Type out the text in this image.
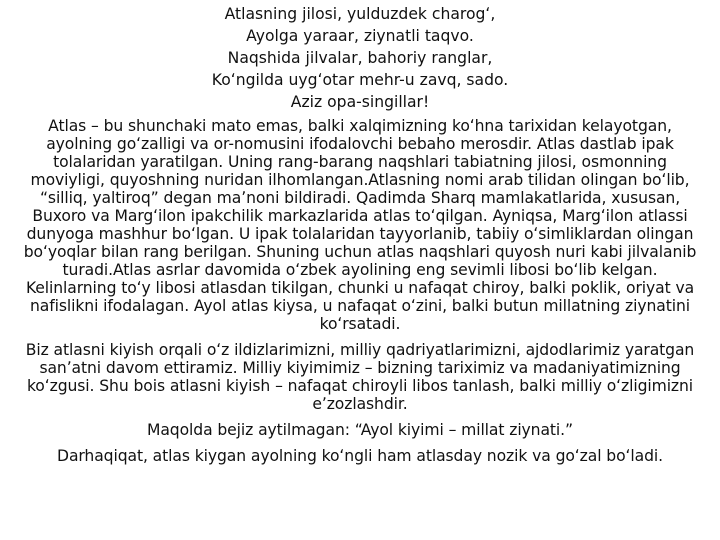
Atlasning jilosi, yulduzdek charogʻ,

Ayolga yaraar, ziynatli taqvo.

Naqshida jilvalar, bahoriy ranglar,

Koʻngilda uygʻotar mehr-u zavq, sado.

Aziz opa-singillar!

Atlas – bu shunchaki mato emas, balki xalqimizning koʻhna tarixidan kelayotgan, ayolning goʻzalligi va or-nomusini ifodalovchi bebaho merosdir. Atlas dastlab ipak tolalaridan yaratilgan. Uning rang-barang naqshlari tabiatning jilosi, osmonning moviyligi, quyoshning nuridan ilhomlangan.Atlasning nomi arab tilidan olingan boʻlib, “silliq, yaltiroq” degan maʼnoni bildiradi. Qadimda Sharq mamlakatlarida, xususan, Buxoro va Margʻilon ipakchilik markazlarida atlas toʻqilgan. Ayniqsa, Margʻilon atlassi dunyoga mashhur boʻlgan. U ipak tolalaridan tayyorlanib, tabiiy oʻsimliklardan olingan boʻyoqlar bilan rang berilgan. Shuning uchun atlas naqshlari quyosh nuri kabi jilvalanib turadi.Atlas asrlar davomida oʻzbek ayolining eng sevimli libosi boʻlib kelgan. Kelinlarning toʻy libosi atlasdan tikilgan, chunki u nafaqat chiroy, balki poklik, oriyat va nafislikni ifodalagan. Ayol atlas kiysa, u nafaqat oʻzini, balki butun millatning ziynatini koʻrsatadi.

Biz atlasni kiyish orqali oʻz ildizlarimizni, milliy qadriyatlarimizni, ajdodlarimiz yaratgan sanʼatni davom ettiramiz. Milliy kiyimimiz – bizning tariximiz va madaniyatimizning koʻzgusi. Shu bois atlasni kiyish – nafaqat chiroyli libos tanlash, balki milliy oʻzligimizni eʼzozlashdir.

Maqolda bejiz aytilmagan: “Ayol kiyimi – millat ziynati.”

Darhaqiqat, atlas kiygan ayolning koʻngli ham atlasday nozik va goʻzal boʻladi.
